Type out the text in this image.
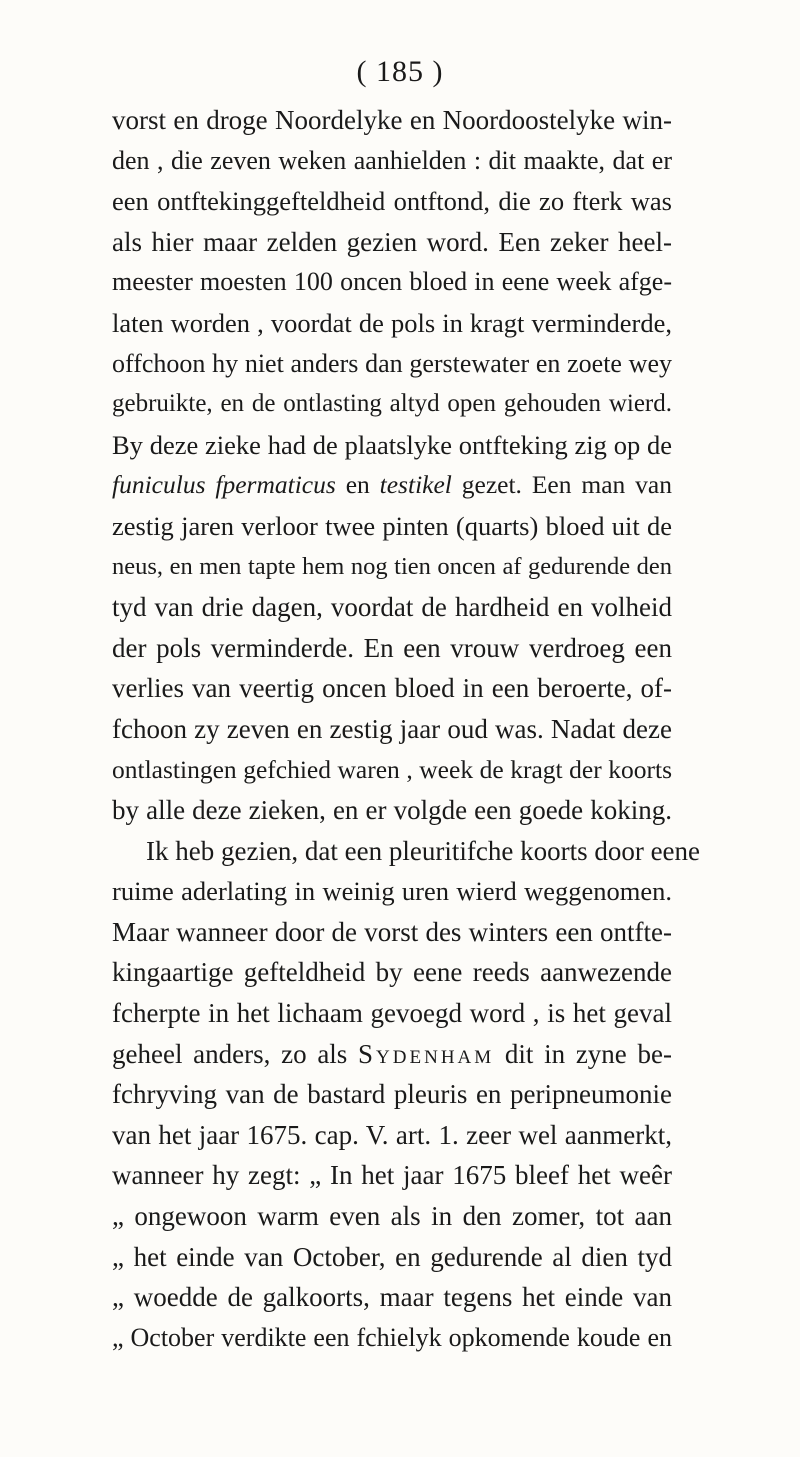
( 185 )
vorst en droge Noordelyke en Noordoostelyke win-
den , die zeven weken aanhielden : dit maakte, dat er
een ontftekinggefteldheid ontftond, die zo fterk was
als hier maar zelden gezien word. Een zeker heel-
meester moesten 100 oncen bloed in eene week afge-
laten worden , voordat de pols in kragt verminderde,
offchoon hy niet anders dan gerstewater en zoete wey
gebruikte, en de ontlasting altyd open gehouden wierd.
By deze zieke had de plaatslyke ontfteking zig op de
funiculus fpermaticus en testikel gezet. Een man van
zestig jaren verloor twee pinten (quarts) bloed uit de
neus, en men tapte hem nog tien oncen af gedurende den
tyd van drie dagen, voordat de hardheid en volheid
der pols verminderde. En een vrouw verdroeg een
verlies van veertig oncen bloed in een beroerte, of-
fchoon zy zeven en zestig jaar oud was. Nadat deze
ontlastingen gefchied waren , week de kragt der koorts
by alle deze zieken, en er volgde een goede koking.
Ik heb gezien, dat een pleuritifche koorts door eene
ruime aderlating in weinig uren wierd weggenomen.
Maar wanneer door de vorst des winters een ontfte-
kingaartige gefteldheid by eene reeds aanwezende
fcherpte in het lichaam gevoegd word , is het geval
geheel anders, zo als Sydenham dit in zyne be-
fchryving van de bastard pleuris en peripneumonie
van het jaar 1675. cap. V. art. 1. zeer wel aanmerkt,
wanneer hy zegt: „ In het jaar 1675 bleef het weêr
„ ongewoon warm even als in den zomer, tot aan
„ het einde van October, en gedurende al dien tyd
„ woedde de galkoorts, maar tegens het einde van
„ October verdikte een fchielyk opkomende koude en
